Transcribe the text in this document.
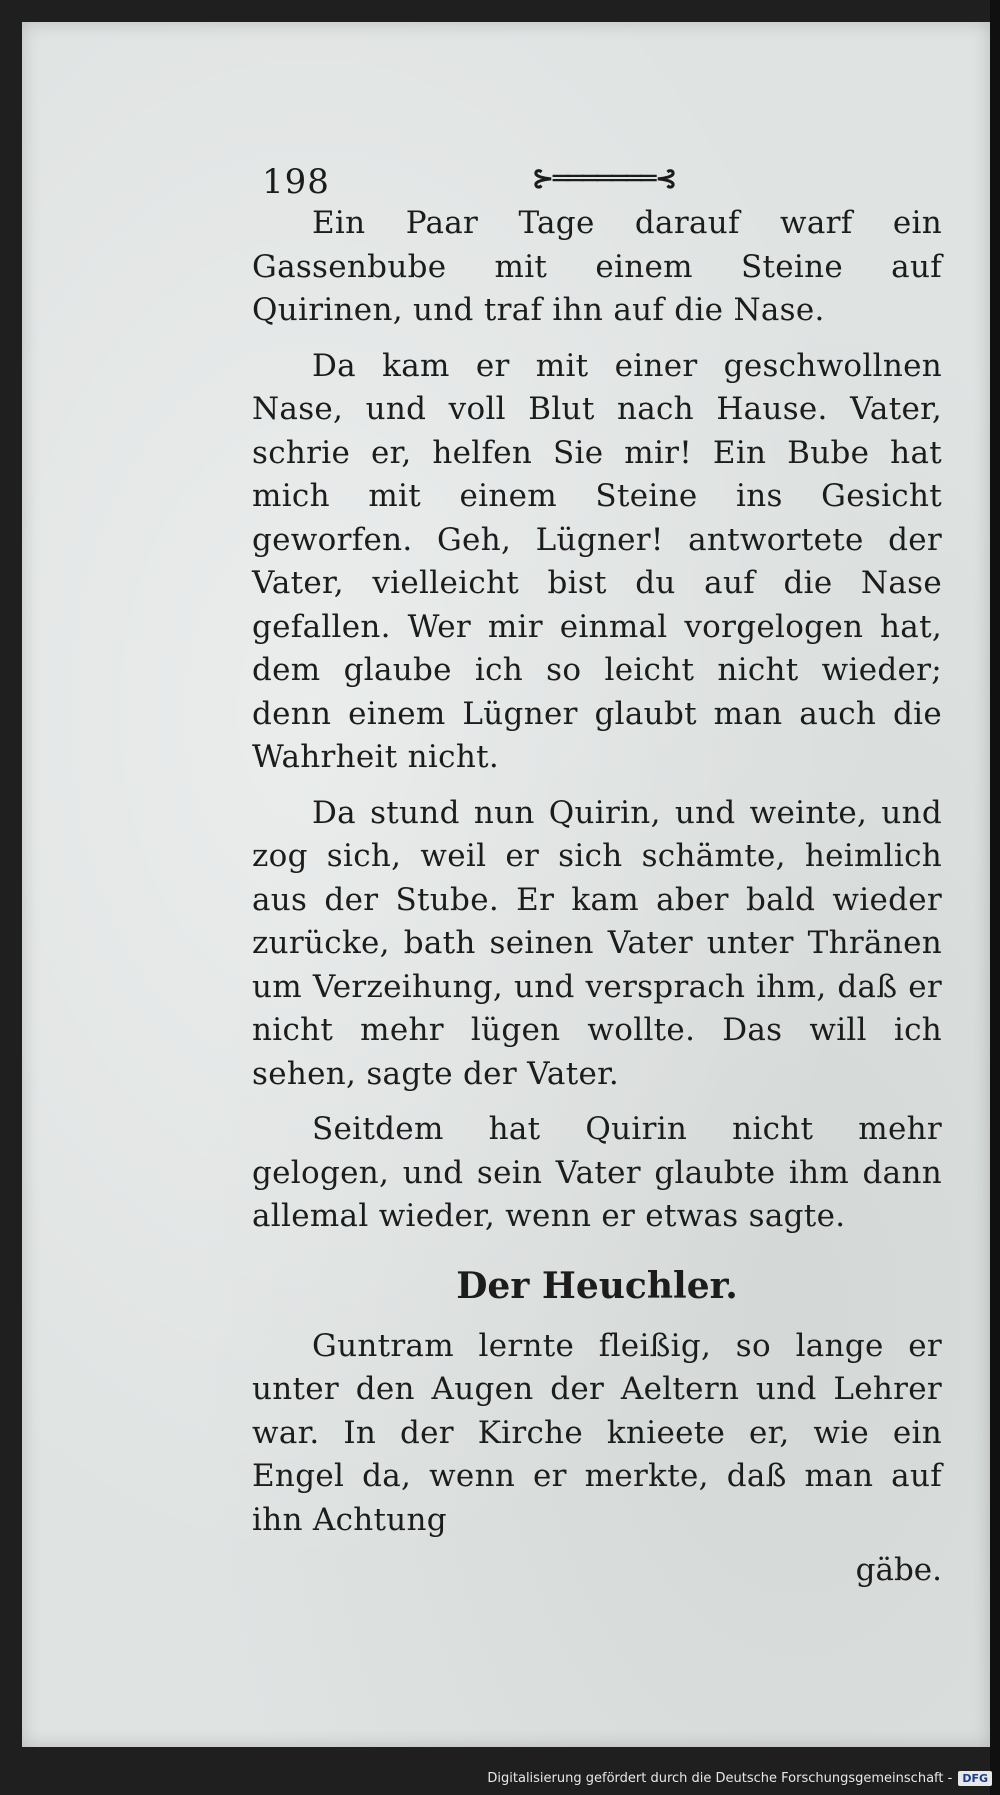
198	⊱═══════⊰

Ein Paar Tage darauf warf ein Gassenbube mit einem Steine auf Quirinen, und traf ihn auf die Nase.

Da kam er mit einer geschwollnen Nase, und voll Blut nach Hause. Vater, schrie er, helfen Sie mir! Ein Bube hat mich mit einem Steine ins Gesicht geworfen. Geh, Lügner! antwortete der Vater, vielleicht bist du auf die Nase gefallen. Wer mir einmal vorgelogen hat, dem glaube ich so leicht nicht wieder; denn einem Lügner glaubt man auch die Wahrheit nicht.

Da stund nun Quirin, und weinte, und zog sich, weil er sich schämte, heimlich aus der Stube. Er kam aber bald wieder zurücke, bath seinen Vater unter Thränen um Verzeihung, und versprach ihm, daß er nicht mehr lügen wollte. Das will ich sehen, sagte der Vater.

Seitdem hat Quirin nicht mehr gelogen, und sein Vater glaubte ihm dann allemal wieder, wenn er etwas sagte.

Der Heuchler.

Guntram lernte fleißig, so lange er unter den Augen der Aeltern und Lehrer war. In der Kirche knieete er, wie ein Engel da, wenn er merkte, daß man auf ihn Achtung

gäbe.
Digitalisierung gefördert durch die Deutsche Forschungsgemeinschaft - DFG
